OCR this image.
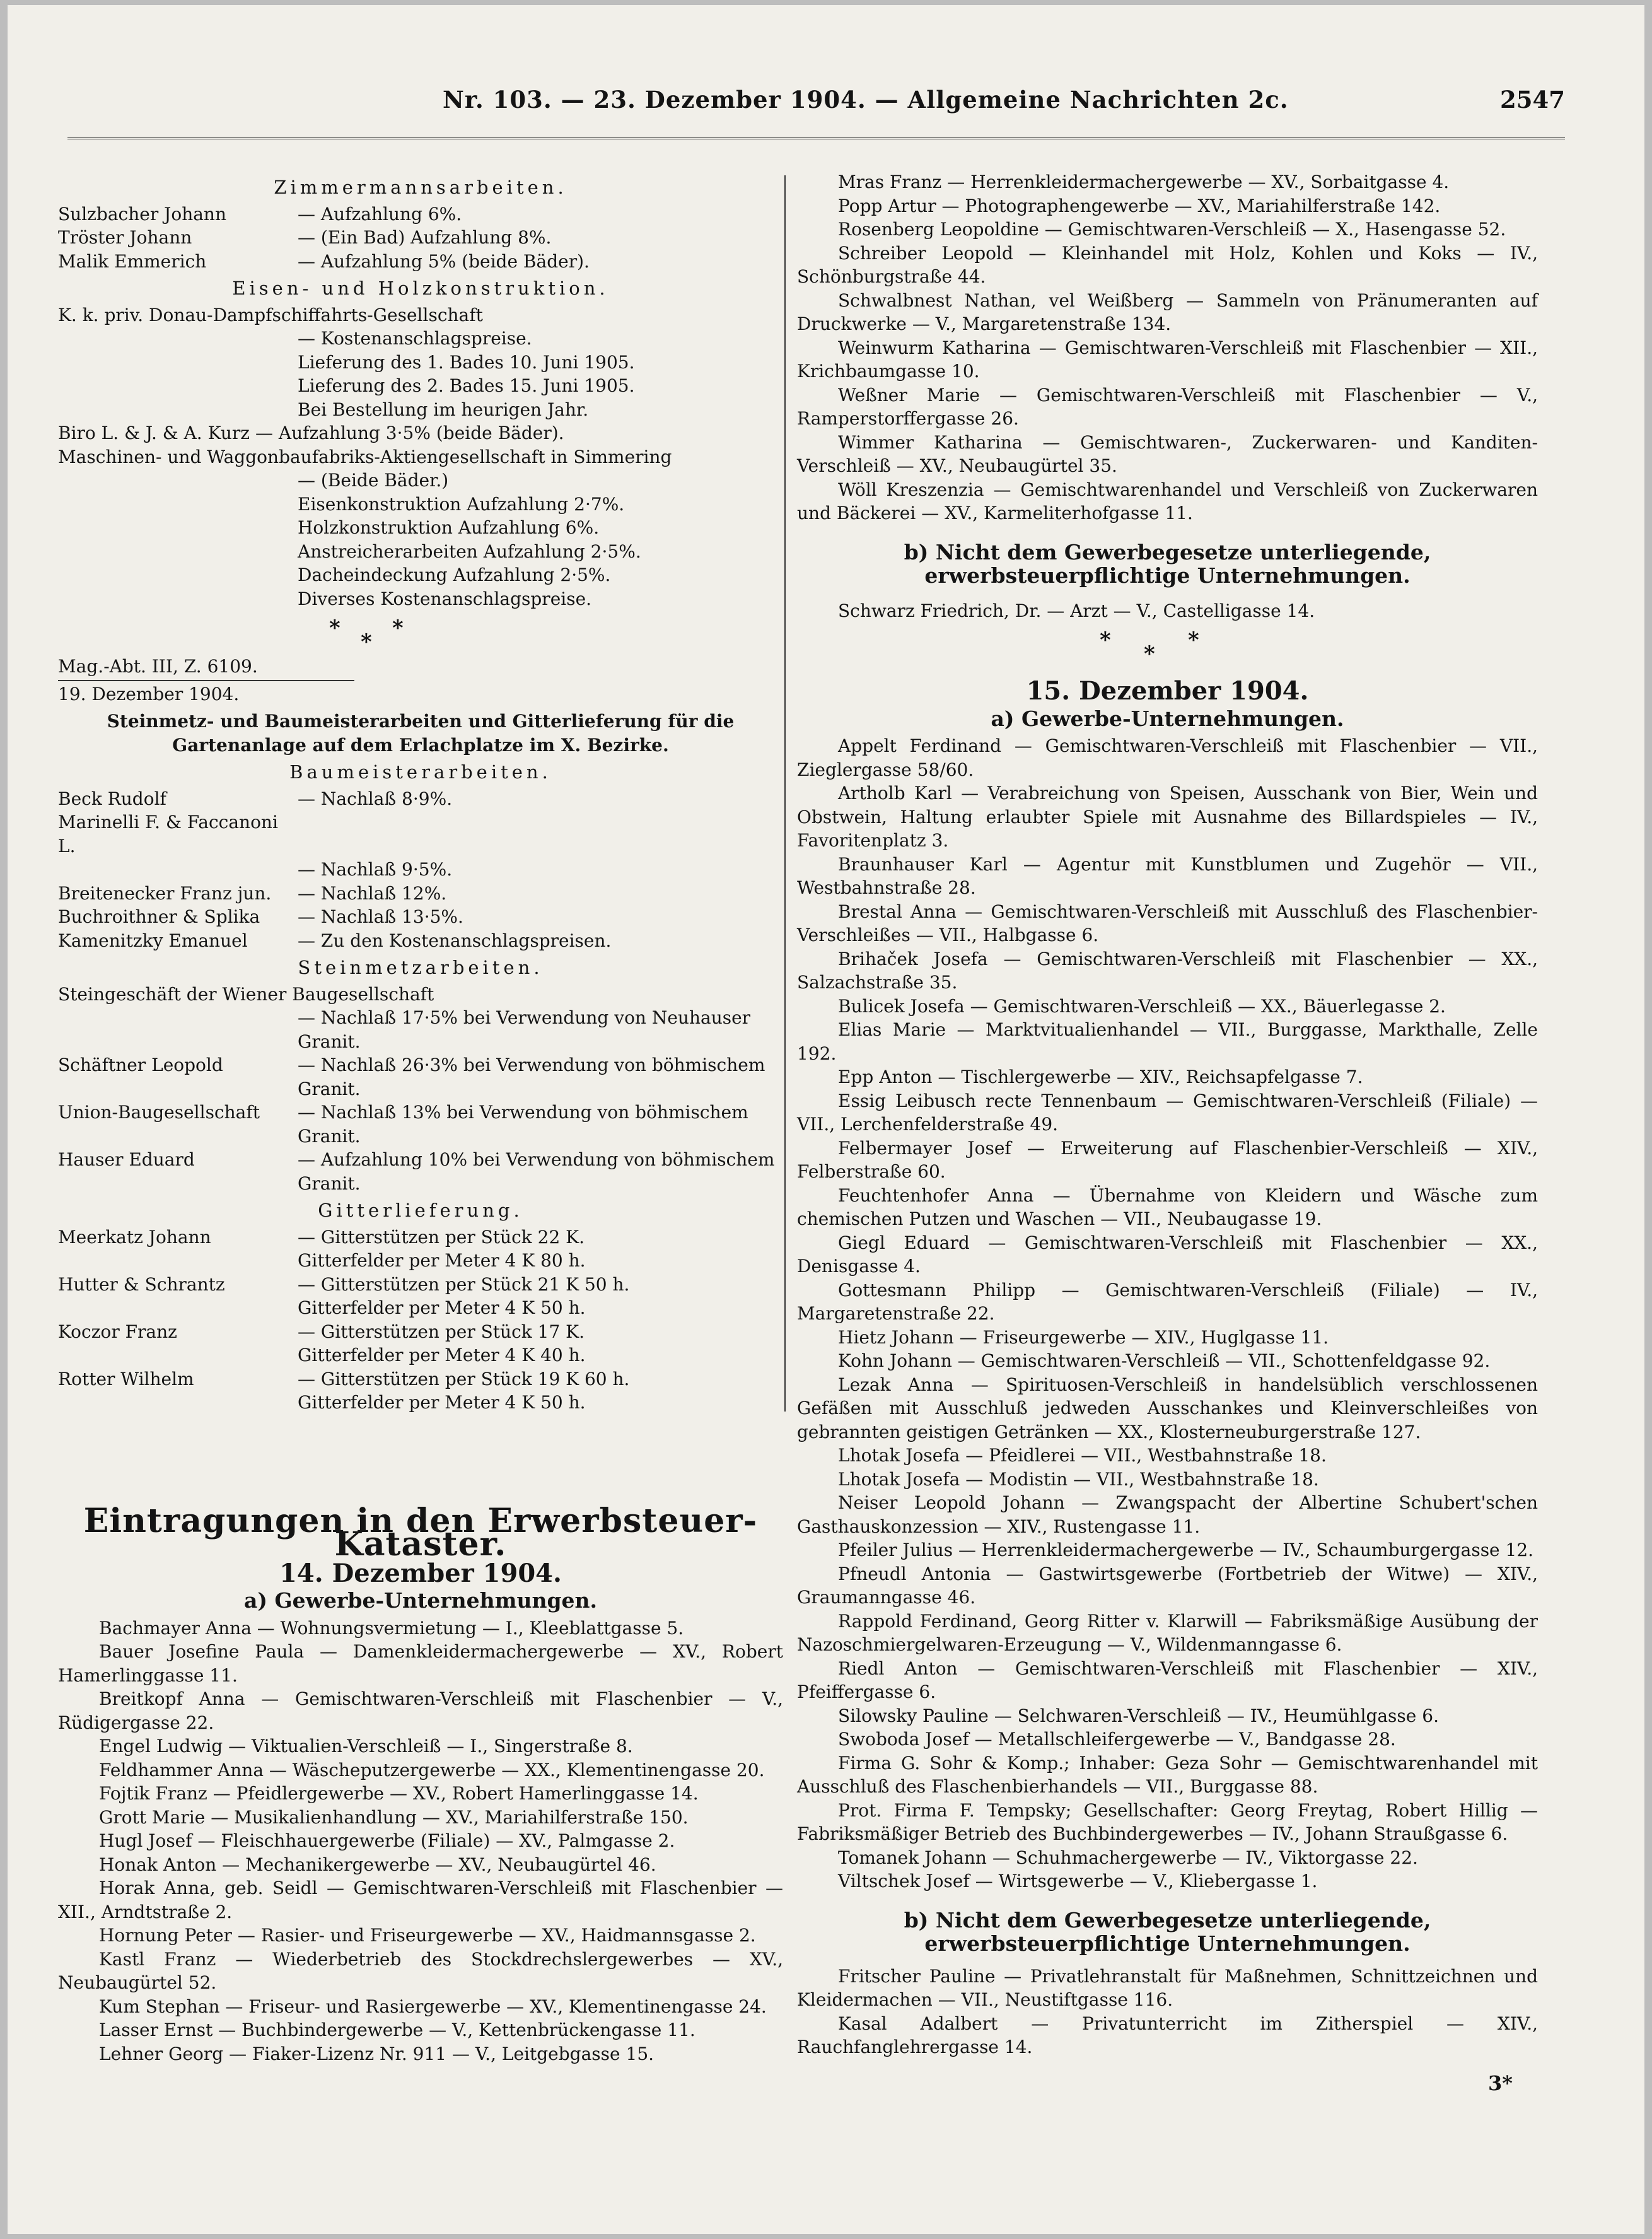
Nr. 103. — 23. Dezember 1904. — Allgemeine Nachrichten 2c.	2547
Zimmermannsarbeiten.
Sulzbacher Johann	— Aufzahlung 6%.
Tröster Johann	— (Ein Bad) Aufzahlung 8%.
Malik Emmerich	— Aufzahlung 5% (beide Bäder).
Eisen- und Holzkonstruktion.
K. k. priv. Donau-Dampfschiffahrts-Gesellschaft
— Kostenanschlagspreise.
Lieferung des 1. Bades 10. Juni 1905.
Lieferung des 2. Bades 15. Juni 1905.
Bei Bestellung im heurigen Jahr.
Biro L. & J. & A. Kurz — Aufzahlung 3·5% (beide Bäder).
Maschinen- und Waggonbaufabriks-Aktiengesellschaft in Simmering
— (Beide Bäder.)
Eisenkonstruktion Aufzahlung 2·7%.
Holzkonstruktion Aufzahlung 6%.
Anstreicherarbeiten Aufzahlung 2·5%.
Dacheindeckung Aufzahlung 2·5%.
Diverses Kostenanschlagspreise.
* *
*
Mag.-Abt. III, Z. 6109.
19. Dezember 1904.
Steinmetz- und Baumeisterarbeiten und Gitterlieferung für die Gartenanlage auf dem Erlachplatze im X. Bezirke.
Baumeisterarbeiten.
Beck Rudolf	— Nachlaß 8·9%.
Marinelli F. & Faccanoni L.
— Nachlaß 9·5%.
Breitenecker Franz jun.	— Nachlaß 12%.
Buchroithner & Splika	— Nachlaß 13·5%.
Kamenitzky Emanuel	— Zu den Kostenanschlagspreisen.
Steinmetzarbeiten.
Steingeschäft der Wiener Baugesellschaft
— Nachlaß 17·5% bei Verwendung von Neuhauser
Granit.
Schäftner Leopold	— Nachlaß 26·3% bei Verwendung von böhmischem
Granit.
Union-Baugesellschaft	— Nachlaß 13% bei Verwendung von böhmischem
Granit.
Hauser Eduard	— Aufzahlung 10% bei Verwendung von böhmischem
Granit.
Gitterlieferung.
Meerkatz Johann	— Gitterstützen per Stück 22 K.
Gitterfelder per Meter 4 K 80 h.
Hutter & Schrantz	— Gitterstützen per Stück 21 K 50 h.
Gitterfelder per Meter 4 K 50 h.
Koczor Franz	— Gitterstützen per Stück 17 K.
Gitterfelder per Meter 4 K 40 h.
Rotter Wilhelm	— Gitterstützen per Stück 19 K 60 h.
Gitterfelder per Meter 4 K 50 h.
Eintragungen in den Erwerbsteuer-Kataster.
14. Dezember 1904.
a) Gewerbe-Unternehmungen.
Bachmayer Anna — Wohnungsvermietung — I., Kleeblattgasse 5.
Bauer Josefine Paula — Damenkleidermachergewerbe — XV., Robert Hamerlinggasse 11.
Breitkopf Anna — Gemischtwaren-Verschleiß mit Flaschenbier — V., Rüdigergasse 22.
Engel Ludwig — Viktualien-Verschleiß — I., Singerstraße 8.
Feldhammer Anna — Wäscheputzergewerbe — XX., Klementinengasse 20.
Fojtik Franz — Pfeidlergewerbe — XV., Robert Hamerlinggasse 14.
Grott Marie — Musikalienhandlung — XV., Mariahilferstraße 150.
Hugl Josef — Fleischhauergewerbe (Filiale) — XV., Palmgasse 2.
Honak Anton — Mechanikergewerbe — XV., Neubaugürtel 46.
Horak Anna, geb. Seidl — Gemischtwaren-Verschleiß mit Flaschenbier — XII., Arndtstraße 2.
Hornung Peter — Rasier- und Friseurgewerbe — XV., Haidmannsgasse 2.
Kastl Franz — Wiederbetrieb des Stockdrechslergewerbes — XV., Neubaugürtel 52.
Kum Stephan — Friseur- und Rasiergewerbe — XV., Klementinengasse 24.
Lasser Ernst — Buchbindergewerbe — V., Kettenbrückengasse 11.
Lehner Georg — Fiaker-Lizenz Nr. 911 — V., Leitgebgasse 15.
Mras Franz — Herrenkleidermachergewerbe — XV., Sorbaitgasse 4.
Popp Artur — Photographengewerbe — XV., Mariahilferstraße 142.
Rosenberg Leopoldine — Gemischtwaren-Verschleiß — X., Hasengasse 52.
Schreiber Leopold — Kleinhandel mit Holz, Kohlen und Koks — IV., Schönburgstraße 44.
Schwalbnest Nathan, vel Weißberg — Sammeln von Pränumeranten auf Druckwerke — V., Margaretenstraße 134.
Weinwurm Katharina — Gemischtwaren-Verschleiß mit Flaschenbier — XII., Krichbaumgasse 10.
Weßner Marie — Gemischtwaren-Verschleiß mit Flaschenbier — V., Ramperstorffergasse 26.
Wimmer Katharina — Gemischtwaren-, Zuckerwaren- und Kanditen-Verschleiß — XV., Neubaugürtel 35.
Wöll Kreszenzia — Gemischtwarenhandel und Verschleiß von Zuckerwaren und Bäckerei — XV., Karmeliterhofgasse 11.
b) Nicht dem Gewerbegesetze unterliegende, erwerbsteuerpflichtige Unternehmungen.
Schwarz Friedrich, Dr. — Arzt — V., Castelligasse 14.
*	*
*
15. Dezember 1904.
a) Gewerbe-Unternehmungen.
Appelt Ferdinand — Gemischtwaren-Verschleiß mit Flaschenbier — VII., Zieglergasse 58/60.
Artholb Karl — Verabreichung von Speisen, Ausschank von Bier, Wein und Obstwein, Haltung erlaubter Spiele mit Ausnahme des Billardspieles — IV., Favoritenplatz 3.
Braunhauser Karl — Agentur mit Kunstblumen und Zugehör — VII., Westbahnstraße 28.
Brestal Anna — Gemischtwaren-Verschleiß mit Ausschluß des Flaschenbier-Verschleißes — VII., Halbgasse 6.
Brihaček Josefa — Gemischtwaren-Verschleiß mit Flaschenbier — XX., Salzachstraße 35.
Bulicek Josefa — Gemischtwaren-Verschleiß — XX., Bäuerlegasse 2.
Elias Marie — Marktvitualienhandel — VII., Burggasse, Markthalle, Zelle 192.
Epp Anton — Tischlergewerbe — XIV., Reichsapfelgasse 7.
Essig Leibusch recte Tennenbaum — Gemischtwaren-Verschleiß (Filiale) — VII., Lerchenfelderstraße 49.
Felbermayer Josef — Erweiterung auf Flaschenbier-Verschleiß — XIV., Felberstraße 60.
Feuchtenhofer Anna — Übernahme von Kleidern und Wäsche zum chemischen Putzen und Waschen — VII., Neubaugasse 19.
Giegl Eduard — Gemischtwaren-Verschleiß mit Flaschenbier — XX., Denisgasse 4.
Gottesmann Philipp — Gemischtwaren-Verschleiß (Filiale) — IV., Margaretenstraße 22.
Hietz Johann — Friseurgewerbe — XIV., Huglgasse 11.
Kohn Johann — Gemischtwaren-Verschleiß — VII., Schottenfeldgasse 92.
Lezak Anna — Spirituosen-Verschleiß in handelsüblich verschlossenen Gefäßen mit Ausschluß jedweden Ausschankes und Kleinverschleißes von gebrannten geistigen Getränken — XX., Klosterneuburgerstraße 127.
Lhotak Josefa — Pfeidlerei — VII., Westbahnstraße 18.
Lhotak Josefa — Modistin — VII., Westbahnstraße 18.
Neiser Leopold Johann — Zwangspacht der Albertine Schubert'schen Gasthauskonzession — XIV., Rustengasse 11.
Pfeiler Julius — Herrenkleidermachergewerbe — IV., Schaumburgergasse 12.
Pfneudl Antonia — Gastwirtsgewerbe (Fortbetrieb der Witwe) — XIV., Graumanngasse 46.
Rappold Ferdinand, Georg Ritter v. Klarwill — Fabriksmäßige Ausübung der Nazoschmiergelwaren-Erzeugung — V., Wildenmanngasse 6.
Riedl Anton — Gemischtwaren-Verschleiß mit Flaschenbier — XIV., Pfeiffergasse 6.
Silowsky Pauline — Selchwaren-Verschleiß — IV., Heumühlgasse 6.
Swoboda Josef — Metallschleifergewerbe — V., Bandgasse 28.
Firma G. Sohr & Komp.; Inhaber: Geza Sohr — Gemischtwarenhandel mit Ausschluß des Flaschenbierhandels — VII., Burggasse 88.
Prot. Firma F. Tempsky; Gesellschafter: Georg Freytag, Robert Hillig — Fabriksmäßiger Betrieb des Buchbindergewerbes — IV., Johann Straußgasse 6.
Tomanek Johann — Schuhmachergewerbe — IV., Viktorgasse 22.
Viltschek Josef — Wirtsgewerbe — V., Kliebergasse 1.
b) Nicht dem Gewerbegesetze unterliegende, erwerbsteuerpflichtige Unternehmungen.
Fritscher Pauline — Privatlehranstalt für Maßnehmen, Schnittzeichnen und Kleidermachen — VII., Neustiftgasse 116.
Kasal Adalbert — Privatunterricht im Zitherspiel — XIV., Rauchfanglehrergasse 14.
3*
